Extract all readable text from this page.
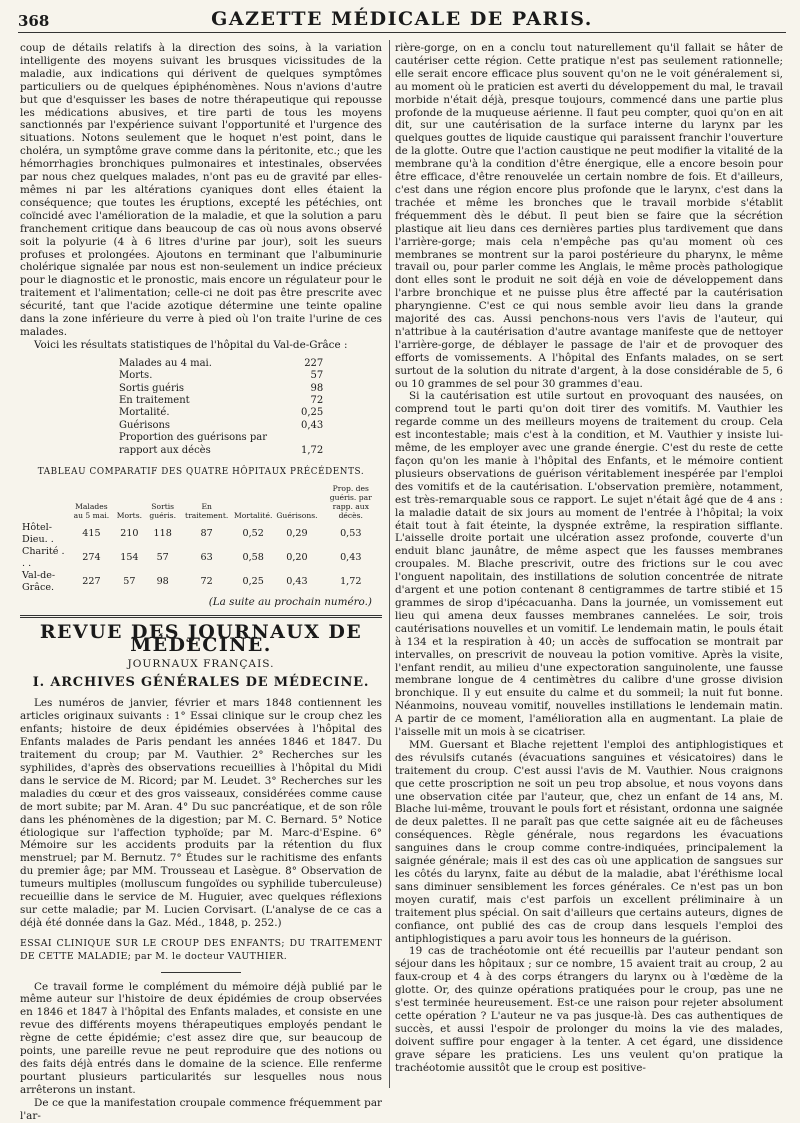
368	GAZETTE MÉDICALE DE PARIS.

coup de détails relatifs à la direction des soins, à la variation intelligente des moyens suivant les brusques vicissitudes de la maladie, aux indications qui dérivent de quelques symptômes particuliers ou de quelques épiphénomènes. Nous n'avions d'autre but que d'esquisser les bases de notre thérapeutique qui repousse les médications abusives, et tire parti de tous les moyens sanctionnés par l'expérience suivant l'opportunité et l'urgence des situations. Notons seulement que le hoquet n'est point, dans le choléra, un symptôme grave comme dans la péritonite, etc.; que les hémorrhagies bronchiques pulmonaires et intestinales, observées par nous chez quelques malades, n'ont pas eu de gravité par elles-mêmes ni par les altérations cyaniques dont elles étaient la conséquence; que toutes les éruptions, excepté les pétéchies, ont coïncidé avec l'amélioration de la maladie, et que la solution a paru franchement critique dans beaucoup de cas où nous avons observé soit la polyurie (4 à 6 litres d'urine par jour), soit les sueurs profuses et prolongées. Ajoutons en terminant que l'albuminurie cholérique signalée par nous est non-seulement un indice précieux pour le diagnostic et le pronostic, mais encore un régulateur pour le traitement et l'alimentation; celle-ci ne doit pas être prescrite avec sécurité, tant que l'acide azotique détermine une teinte opaline dans la zone inférieure du verre à pied où l'on traite l'urine de ces malades.

Voici les résultats statistiques de l'hôpital du Val-de-Grâce :

Malades au 4 mai.	227
Morts.	57
Sortis guéris	98
En traitement	72
Mortalité.	0,25
Guérisons	0,43
Proportion des guérisons par	
rapport aux décès	1,72
TABLEAU COMPARATIF DES QUATRE HÔPITAUX PRÉCÉDENTS.
	Malades au 5 mai.	Morts.	Sortis guéris.	En traitement.	Mortalité.	Guérisons.	Prop. des guéris. par rapp. aux décès.
Hôtel-Dieu. .	415	210	118	87	0,52	0,29	0,53
Charité . . .	274	154	57	63	0,58	0,20	0,43
Val-de-Grâce.	227	57	98	72	0,25	0,43	1,72
(La suite au prochain numéro.)
REVUE DES JOURNAUX DE MÉDECINE.
JOURNAUX FRANÇAIS.
I. ARCHIVES GÉNÉRALES DE MÉDECINE.

Les numéros de janvier, février et mars 1848 contiennent les articles originaux suivants : 1° Essai clinique sur le croup chez les enfants; histoire de deux épidémies observées à l'hôpital des Enfants malades de Paris pendant les années 1846 et 1847. Du traitement du croup; par M. Vauthier. 2° Recherches sur les syphilides, d'après des observations recueillies à l'hôpital du Midi dans le service de M. Ricord; par M. Leudet. 3° Recherches sur les maladies du cœur et des gros vaisseaux, considérées comme cause de mort subite; par M. Aran. 4° Du suc pancréatique, et de son rôle dans les phénomènes de la digestion; par M. C. Bernard. 5° Notice étiologique sur l'affection typhoïde; par M. Marc-d'Espine. 6° Mémoire sur les accidents produits par la rétention du flux menstruel; par M. Bernutz. 7° Études sur le rachitisme des enfants du premier âge; par MM. Trousseau et Lasègue. 8° Observation de tumeurs multiples (molluscum fungoïdes ou syphilide tuberculeuse) recueillie dans le service de M. Huguier, avec quelques réflexions sur cette maladie; par M. Lucien Corvisart. (L'analyse de ce cas a déjà été donnée dans la Gaz. Méd., 1848, p. 252.)

ESSAI CLINIQUE SUR LE CROUP DES ENFANTS; DU TRAITEMENT DE CETTE MALADIE; par M. le docteur VAUTHIER.

Ce travail forme le complément du mémoire déjà publié par le même auteur sur l'histoire de deux épidémies de croup observées en 1846 et 1847 à l'hôpital des Enfants malades, et consiste en une revue des différents moyens thérapeutiques employés pendant le règne de cette épidémie; c'est assez dire que, sur beaucoup de points, une pareille revue ne peut reproduire que des notions ou des faits déjà entrés dans le domaine de la science. Elle renferme pourtant plusieurs particularités sur lesquelles nous nous arrêterons un instant.

De ce que la manifestation croupale commence fréquemment par l'ar-

rière-gorge, on en a conclu tout naturellement qu'il fallait se hâter de cautériser cette région. Cette pratique n'est pas seulement rationnelle; elle serait encore efficace plus souvent qu'on ne le voit généralement si, au moment où le praticien est averti du développement du mal, le travail morbide n'était déjà, presque toujours, commencé dans une partie plus profonde de la muqueuse aérienne. Il faut peu compter, quoi qu'on en ait dit, sur une cautérisation de la surface interne du larynx par les quelques gouttes de liquide caustique qui paraissent franchir l'ouverture de la glotte. Outre que l'action caustique ne peut modifier la vitalité de la membrane qu'à la condition d'être énergique, elle a encore besoin pour être efficace, d'être renouvelée un certain nombre de fois. Et d'ailleurs, c'est dans une région encore plus profonde que le larynx, c'est dans la trachée et même les bronches que le travail morbide s'établit fréquemment dès le début. Il peut bien se faire que la sécrétion plastique ait lieu dans ces dernières parties plus tardivement que dans l'arrière-gorge; mais cela n'empêche pas qu'au moment où ces membranes se montrent sur la paroi postérieure du pharynx, le même travail ou, pour parler comme les Anglais, le même procès pathologique dont elles sont le produit ne soit déjà en voie de développement dans l'arbre bronchique et ne puisse plus être affecté par la cautérisation pharyngienne. C'est ce qui nous semble avoir lieu dans la grande majorité des cas. Aussi penchons-nous vers l'avis de l'auteur, qui n'attribue à la cautérisation d'autre avantage manifeste que de nettoyer l'arrière-gorge, de déblayer le passage de l'air et de provoquer des efforts de vomissements. A l'hôpital des Enfants malades, on se sert surtout de la solution du nitrate d'argent, à la dose considérable de 5, 6 ou 10 grammes de sel pour 30 grammes d'eau.

Si la cautérisation est utile surtout en provoquant des nausées, on comprend tout le parti qu'on doit tirer des vomitifs. M. Vauthier les regarde comme un des meilleurs moyens de traitement du croup. Cela est incontestable; mais c'est à la condition, et M. Vauthier y insiste lui-même, de les employer avec une grande énergie. C'est du reste de cette façon qu'on les manie à l'hôpital des Enfants, et le mémoire contient plusieurs observations de guérison véritablement inespérée par l'emploi des vomitifs et de la cautérisation. L'observation première, notamment, est très-remarquable sous ce rapport. Le sujet n'était âgé que de 4 ans : la maladie datait de six jours au moment de l'entrée à l'hôpital; la voix était tout à fait éteinte, la dyspnée extrême, la respiration sifflante. L'aisselle droite portait une ulcération assez profonde, couverte d'un enduit blanc jaunâtre, de même aspect que les fausses membranes croupales. M. Blache prescrivit, outre des frictions sur le cou avec l'onguent napolitain, des instillations de solution concentrée de nitrate d'argent et une potion contenant 8 centigrammes de tartre stibié et 15 grammes de sirop d'ipécacuanha. Dans la journée, un vomissement eut lieu qui amena deux fausses membranes cannelées. Le soir, trois cautérisations nouvelles et un vomitif. Le lendemain matin, le pouls était à 134 et la respiration à 40; un accès de suffocation se montrait par intervalles, on prescrivit de nouveau la potion vomitive. Après la visite, l'enfant rendit, au milieu d'une expectoration sanguinolente, une fausse membrane longue de 4 centimètres du calibre d'une grosse division bronchique. Il y eut ensuite du calme et du sommeil; la nuit fut bonne. Néanmoins, nouveau vomitif, nouvelles instillations le lendemain matin. A partir de ce moment, l'amélioration alla en augmentant. La plaie de l'aisselle mit un mois à se cicatriser.

MM. Guersant et Blache rejettent l'emploi des antiphlogistiques et des révulsifs cutanés (évacuations sanguines et vésicatoires) dans le traitement du croup. C'est aussi l'avis de M. Vauthier. Nous craignons que cette proscription ne soit un peu trop absolue, et nous voyons dans une observation citée par l'auteur, que, chez un enfant de 14 ans, M. Blache lui-même, trouvant le pouls fort et résistant, ordonna une saignée de deux palettes. Il ne paraît pas que cette saignée ait eu de fâcheuses conséquences. Règle générale, nous regardons les évacuations sanguines dans le croup comme contre-indiquées, principalement la saignée générale; mais il est des cas où une application de sangsues sur les côtés du larynx, faite au début de la maladie, abat l'éréthisme local sans diminuer sensiblement les forces générales. Ce n'est pas un bon moyen curatif, mais c'est parfois un excellent préliminaire à un traitement plus spécial. On sait d'ailleurs que certains auteurs, dignes de confiance, ont publié des cas de croup dans lesquels l'emploi des antiphlogistiques a paru avoir tous les honneurs de la guérison.

19 cas de trachéotomie ont été recueillis par l'auteur pendant son séjour dans les hôpitaux ; sur ce nombre, 15 avaient trait au croup, 2 au faux-croup et 4 à des corps étrangers du larynx ou à l'œdème de la glotte. Or, des quinze opérations pratiquées pour le croup, pas une ne s'est terminée heureusement. Est-ce une raison pour rejeter absolument cette opération ? L'auteur ne va pas jusque-là. Des cas authentiques de succès, et aussi l'espoir de prolonger du moins la vie des malades, doivent suffire pour engager à la tenter. A cet égard, une dissidence grave sépare les praticiens. Les uns veulent qu'on pratique la trachéotomie aussitôt que le croup est positive-
